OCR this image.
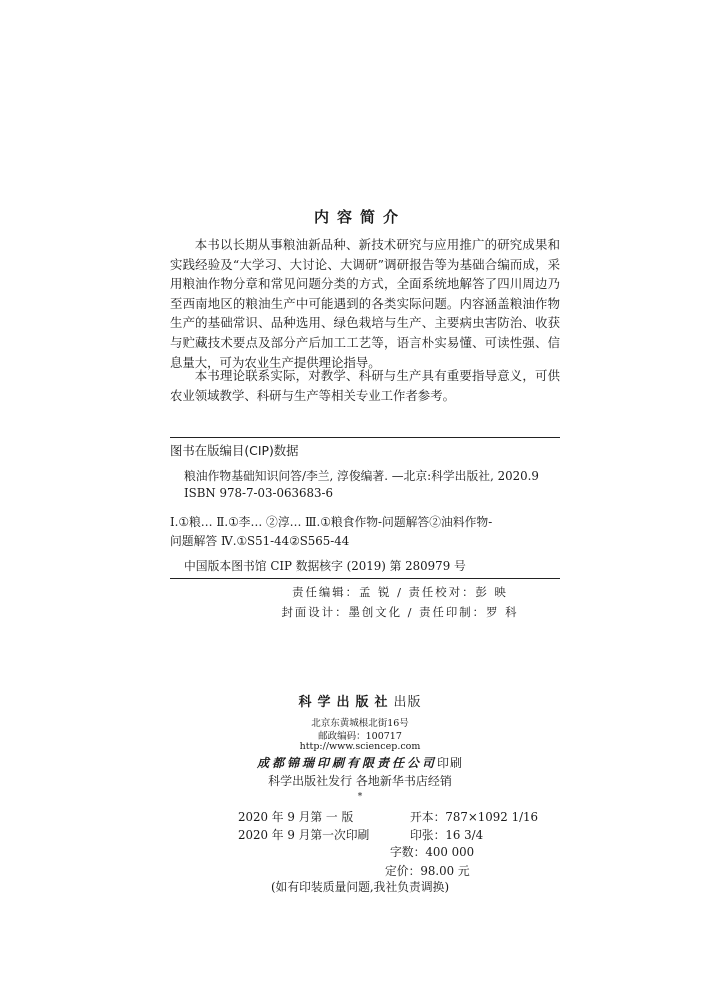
内容简介

本书以长期从事粮油新品种、新技术研究与应用推广的研究成果和实践经验及“大学习、大讨论、大调研”调研报告等为基础合编而成，采用粮油作物分章和常见问题分类的方式，全面系统地解答了四川周边乃至西南地区的粮油生产中可能遇到的各类实际问题。内容涵盖粮油作物生产的基础常识、品种选用、绿色栽培与生产、主要病虫害防治、收获与贮藏技术要点及部分产后加工工艺等，语言朴实易懂、可读性强、信息量大，可为农业生产提供理论指导。

本书理论联系实际，对教学、科研与生产具有重要指导意义，可供农业领域教学、科研与生产等相关专业工作者参考。

图书在版编目(CIP)数据
粮油作物基础知识问答/李兰, 淳俊编著. —北京:科学出版社, 2020.9
ISBN 978-7-03-063683-6
Ⅰ.①粮… Ⅱ.①李… ②淳… Ⅲ.①粮食作物-问题解答②油料作物-
问题解答 Ⅳ.①S51-44②S565-44
中国版本图书馆 CIP 数据核字 (2019) 第 280979 号
责任编辑：孟 锐 / 责任校对：彭 映
封面设计：墨创文化 / 责任印制：罗 科
科学出版社出版
北京东黄城根北街16号
邮政编码：100717
http://www.sciencep.com
成都锦瑞印刷有限责任公司印刷
科学出版社发行 各地新华书店经销
*
2020 年 9 月第 一 版	开本：787×1092 1/16
2020 年 9 月第一次印刷	印张：16 3/4
字数：400 000
定价：98.00 元
(如有印装质量问题,我社负责调换)
